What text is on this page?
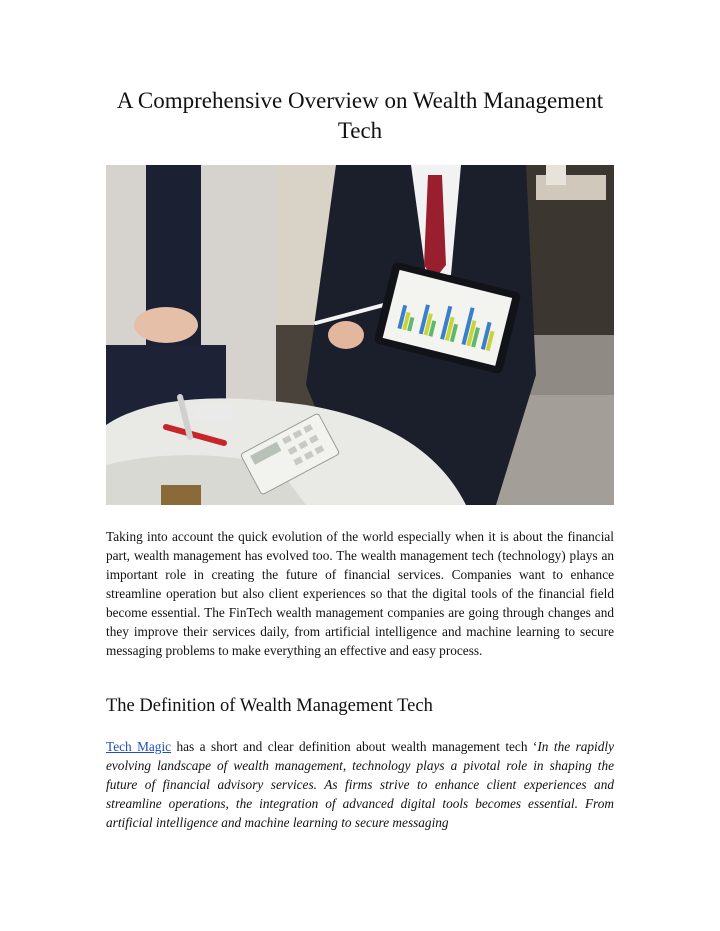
A Comprehensive Overview on Wealth Management Tech

Taking into account the quick evolution of the world especially when it is about the financial part, wealth management has evolved too. The wealth management tech (technology) plays an important role in creating the future of financial services. Companies want to enhance streamline operation but also client experiences so that the digital tools of the financial field become essential. The FinTech wealth management companies are going through changes and they improve their services daily, from artificial intelligence and machine learning to secure messaging problems to make everything an effective and easy process.

The Definition of Wealth Management Tech

Tech Magic has a short and clear definition about wealth management tech ‘In the rapidly evolving landscape of wealth management, technology plays a pivotal role in shaping the future of financial advisory services. As firms strive to enhance client experiences and streamline operations, the integration of advanced digital tools becomes essential. From artificial intelligence and machine learning to secure messaging
